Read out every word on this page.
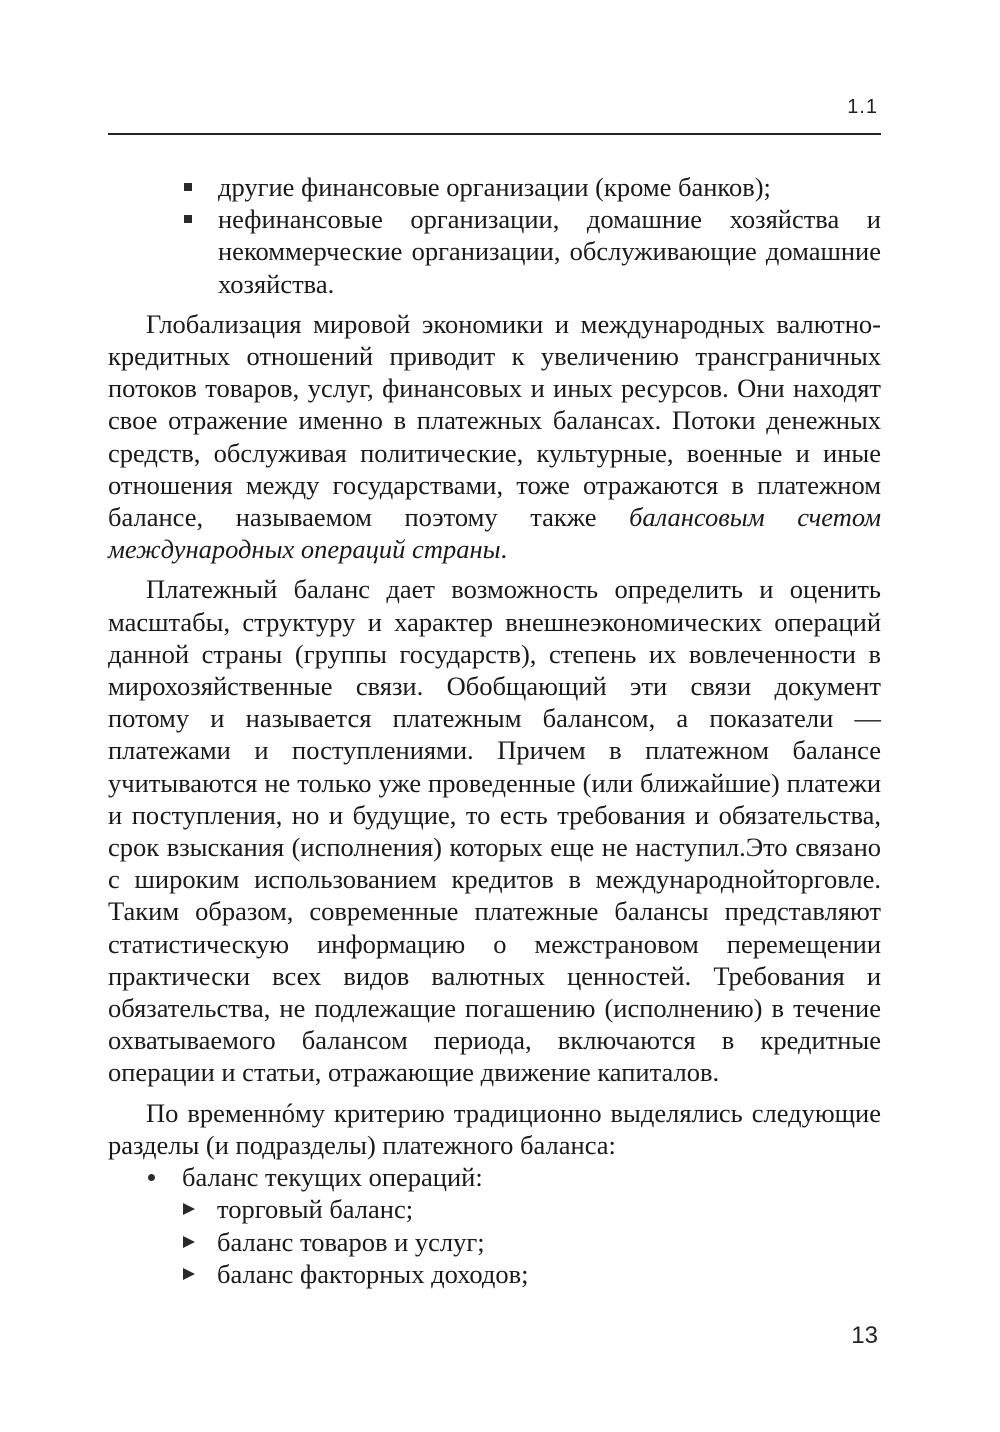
1.1
другие финансовые организации (кроме банков);
нефинансовые организации, домашние хозяйства и некоммерческие организации, обслуживающие домашние хозяйства.

Глобализация мировой экономики и международных валютно-кредитных отношений приводит к увеличению трансграничных потоков товаров, услуг, финансовых и иных ресурсов. Они находят свое отражение именно в платежных балансах. Потоки денежных средств, обслуживая политические, культурные, военные и иные отношения между государствами, тоже отражаются в платежном балансе, называемом поэтому также балансовым счетом международных операций страны.

Платежный баланс дает возможность определить и оценить масштабы, структуру и характер внешнеэкономических операций данной страны (группы государств), степень их вовлеченности в мирохозяйственные связи. Обобщающий эти связи документ потому и называется платежным балансом, а показатели — платежами и поступлениями. Причем в платежном балансе учитываются не только уже проведенные (или ближайшие) платежи и поступления, но и будущие, то есть требования и обязательства, срок взыскания (исполнения) которых еще не наступил.Это связано с широким использованием кредитов в международнойторговле. Таким образом, современные платежные балансы представляют статистическую информацию о межстрановом перемещении практически всех видов валютных ценностей. Требования и обязательства, не подлежащие погашению (исполнению) в течение охватываемого балансом периода, включаются в кредитные операции и статьи, отражающие движение капиталов.

По временнóму критерию традиционно выделялись следующие разделы (и подразделы) платежного баланса:

баланс текущих операций:
торговый баланс;
баланс товаров и услуг;
баланс факторных доходов;
13
